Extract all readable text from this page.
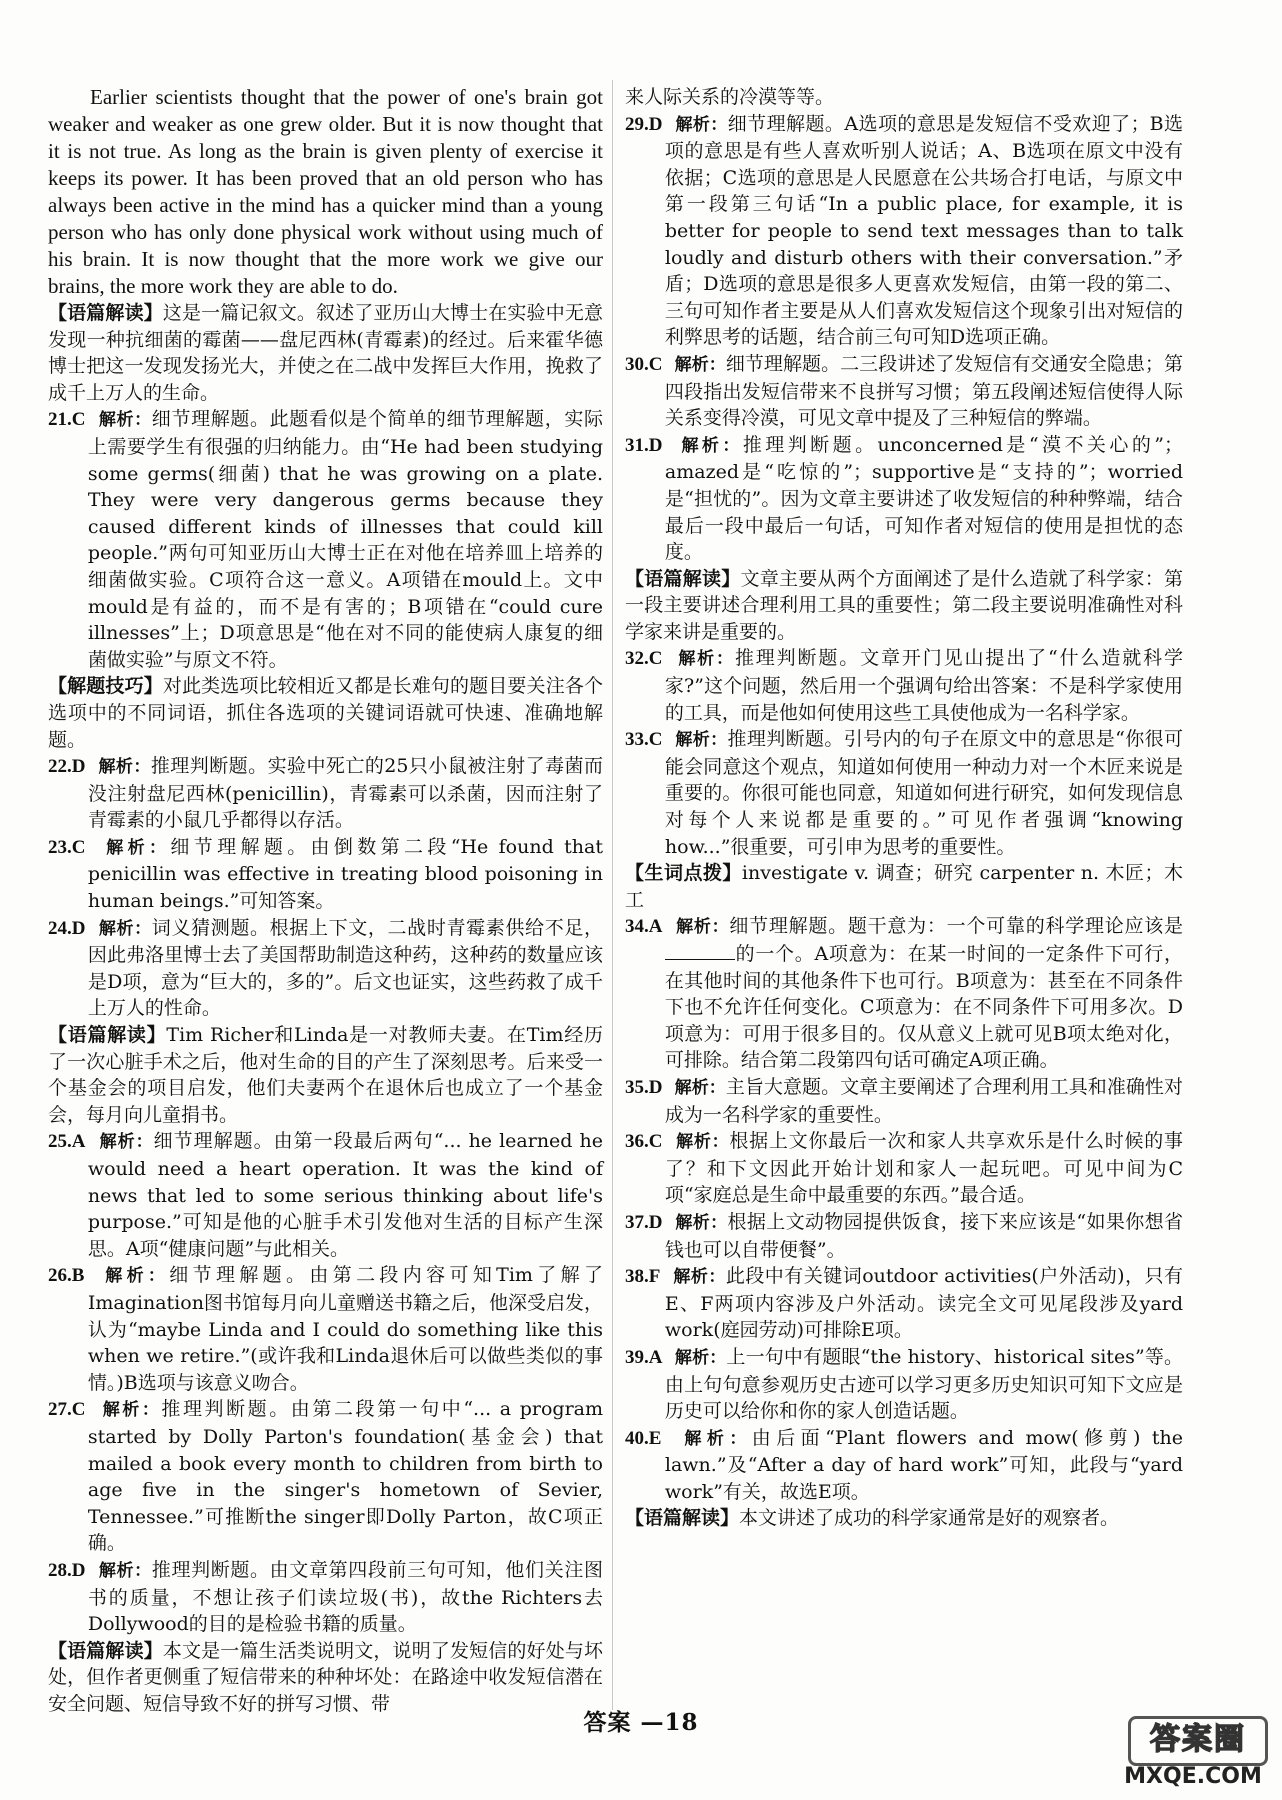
Earlier scientists thought that the power of one's brain got weaker and weaker as one grew older. But it is now thought that it is not true. As long as the brain is given plenty of exercise it keeps its power. It has been proved that an old person who has always been active in the mind has a quicker mind than a young person who has only done physical work without using much of his brain. It is now thought that the more work we give our brains, the more work they are able to do.

【语篇解读】这是一篇记叙文。叙述了亚历山大博士在实验中无意发现一种抗细菌的霉菌——盘尼西林(青霉素)的经过。后来霍华德博士把这一发现发扬光大，并使之在二战中发挥巨大作用，挽救了成千上万人的生命。

21.C 解析：细节理解题。此题看似是个简单的细节理解题，实际上需要学生有很强的归纳能力。由“He had been studying some germs(细菌) that he was growing on a plate. They were very dangerous germs because they caused different kinds of illnesses that could kill people.”两句可知亚历山大博士正在对他在培养皿上培养的细菌做实验。C项符合这一意义。A项错在mould上。文中mould是有益的，而不是有害的；B项错在“could cure illnesses”上；D项意思是“他在对不同的能使病人康复的细菌做实验”与原文不符。

【解题技巧】对此类选项比较相近又都是长难句的题目要关注各个选项中的不同词语，抓住各选项的关键词语就可快速、准确地解题。

22.D 解析：推理判断题。实验中死亡的25只小鼠被注射了毒菌而没注射盘尼西林(penicillin)，青霉素可以杀菌，因而注射了青霉素的小鼠几乎都得以存活。

23.C 解析：细节理解题。由倒数第二段“He found that penicillin was effective in treating blood poisoning in human beings.”可知答案。

24.D 解析：词义猜测题。根据上下文，二战时青霉素供给不足，因此弗洛里博士去了美国帮助制造这种药，这种药的数量应该是D项，意为“巨大的，多的”。后文也证实，这些药救了成千上万人的性命。

【语篇解读】Tim Richer和Linda是一对教师夫妻。在Tim经历了一次心脏手术之后，他对生命的目的产生了深刻思考。后来受一个基金会的项目启发，他们夫妻两个在退休后也成立了一个基金会，每月向儿童捐书。

25.A 解析：细节理解题。由第一段最后两句“... he learned he would need a heart operation. It was the kind of news that led to some serious thinking about life's purpose.”可知是他的心脏手术引发他对生活的目标产生深思。A项“健康问题”与此相关。

26.B 解析：细节理解题。由第二段内容可知Tim了解了Imagination图书馆每月向儿童赠送书籍之后，他深受启发，认为“maybe Linda and I could do something like this when we retire.”(或许我和Linda退休后可以做些类似的事情。)B选项与该意义吻合。

27.C 解析：推理判断题。由第二段第一句中“... a program started by Dolly Parton's foundation(基金会) that mailed a book every month to children from birth to age five in the singer's hometown of Sevier, Tennessee.”可推断the singer即Dolly Parton，故C项正确。

28.D 解析：推理判断题。由文章第四段前三句可知，他们关注图书的质量，不想让孩子们读垃圾(书)，故the Richters去Dollywood的目的是检验书籍的质量。

【语篇解读】本文是一篇生活类说明文，说明了发短信的好处与坏处，但作者更侧重了短信带来的种种坏处：在路途中收发短信潜在安全问题、短信导致不好的拼写习惯、带

来人际关系的冷漠等等。

29.D 解析：细节理解题。A选项的意思是发短信不受欢迎了；B选项的意思是有些人喜欢听别人说话；A、B选项在原文中没有依据；C选项的意思是人民愿意在公共场合打电话，与原文中第一段第三句话“In a public place, for example, it is better for people to send text messages than to talk loudly and disturb others with their conversation.”矛盾；D选项的意思是很多人更喜欢发短信，由第一段的第二、三句可知作者主要是从人们喜欢发短信这个现象引出对短信的利弊思考的话题，结合前三句可知D选项正确。

30.C 解析：细节理解题。二三段讲述了发短信有交通安全隐患；第四段指出发短信带来不良拼写习惯；第五段阐述短信使得人际关系变得冷漠，可见文章中提及了三种短信的弊端。

31.D 解析：推理判断题。unconcerned是“漠不关心的”；amazed是“吃惊的”；supportive是“支持的”；worried是“担忧的”。因为文章主要讲述了收发短信的种种弊端，结合最后一段中最后一句话，可知作者对短信的使用是担忧的态度。

【语篇解读】文章主要从两个方面阐述了是什么造就了科学家：第一段主要讲述合理利用工具的重要性；第二段主要说明准确性对科学家来讲是重要的。

32.C 解析：推理判断题。文章开门见山提出了“什么造就科学家?”这个问题，然后用一个强调句给出答案：不是科学家使用的工具，而是他如何使用这些工具使他成为一名科学家。

33.C 解析：推理判断题。引号内的句子在原文中的意思是“你很可能会同意这个观点，知道如何使用一种动力对一个木匠来说是重要的。你很可能也同意，知道如何进行研究，如何发现信息对每个人来说都是重要的。”可见作者强调“knowing how...”很重要，可引申为思考的重要性。

【生词点拨】investigate v. 调查；研究 carpenter n. 木匠；木工

34.A 解析：细节理解题。题干意为：一个可靠的科学理论应该是的一个。A项意为：在某一时间的一定条件下可行，在其他时间的其他条件下也可行。B项意为：甚至在不同条件下也不允许任何变化。C项意为：在不同条件下可用多次。D项意为：可用于很多目的。仅从意义上就可见B项太绝对化，可排除。结合第二段第四句话可确定A项正确。

35.D 解析：主旨大意题。文章主要阐述了合理利用工具和准确性对成为一名科学家的重要性。

36.C 解析：根据上文你最后一次和家人共享欢乐是什么时候的事了？和下文因此开始计划和家人一起玩吧。可见中间为C项“家庭总是生命中最重要的东西。”最合适。

37.D 解析：根据上文动物园提供饭食，接下来应该是“如果你想省钱也可以自带便餐”。

38.F 解析：此段中有关键词outdoor activities(户外活动)，只有E、F两项内容涉及户外活动。读完全文可见尾段涉及yard work(庭园劳动)可排除E项。

39.A 解析：上一句中有题眼“the history、historical sites”等。由上句句意参观历史古迹可以学习更多历史知识可知下文应是历史可以给你和你的家人创造话题。

40.E 解析：由后面“Plant flowers and mow(修剪) the lawn.”及“After a day of hard work”可知，此段与“yard work”有关，故选E项。

【语篇解读】本文讲述了成功的科学家通常是好的观察者。

答案 —18	答案圈
MXQE.COM
